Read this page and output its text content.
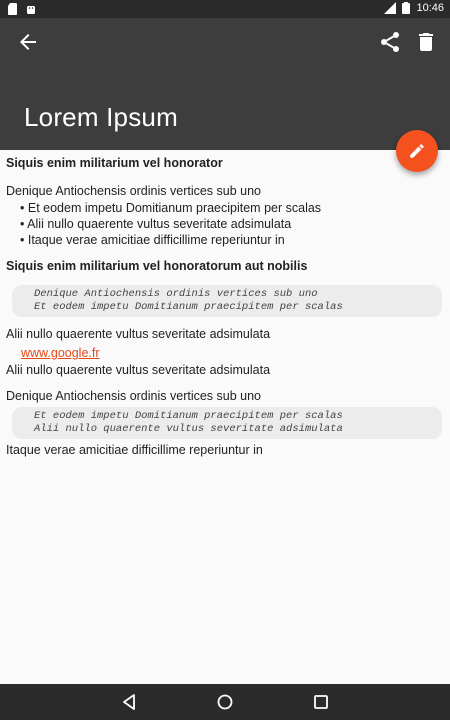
10:46
Lorem Ipsum

Siquis enim militarium vel honorator

Denique Antiochensis ordinis vertices sub uno

• Et eodem impetu Domitianum praecipitem per scalas
• Alii nullo quaerente vultus severitate adsimulata
• Itaque verae amicitiae difficillime reperiuntur in

Siquis enim militarium vel honoratorum aut nobilis

Denique Antiochensis ordinis vertices sub uno
Et eodem impetu Domitianum praecipitem per scalas

Alii nullo quaerente vultus severitate adsimulata

www.google.fr

Alii nullo quaerente vultus severitate adsimulata

Denique Antiochensis ordinis vertices sub uno

Et eodem impetu Domitianum praecipitem per scalas
Alii nullo quaerente vultus severitate adsimulata

Itaque verae amicitiae difficillime reperiuntur in
